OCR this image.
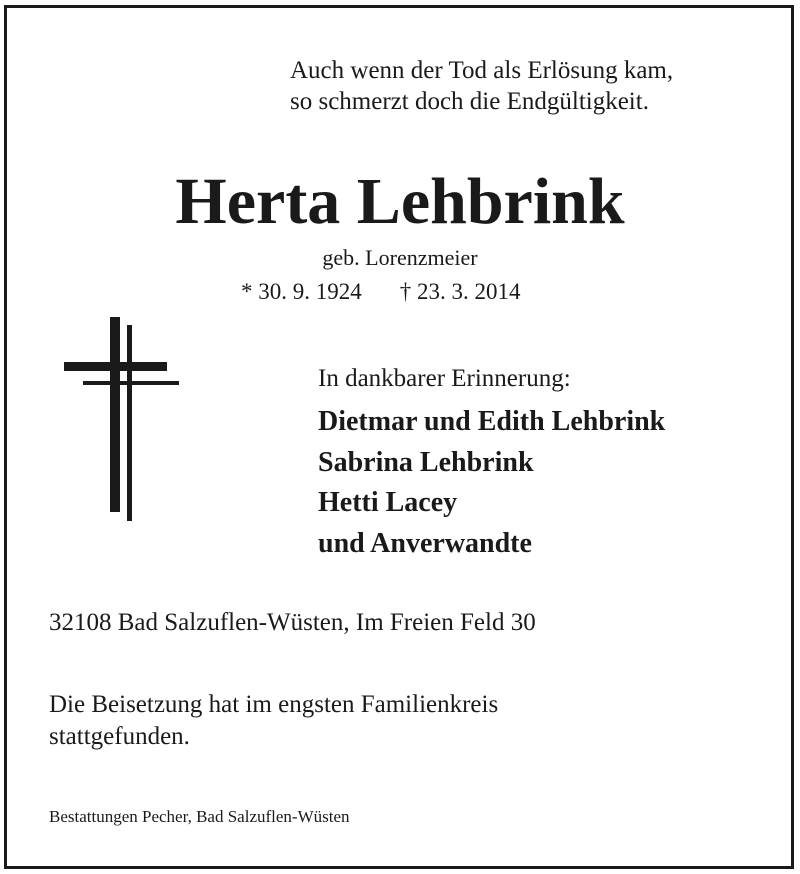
Auch wenn der Tod als Erlösung kam,
so schmerzt doch die Endgültigkeit.
Herta Lehbrink
geb. Lorenzmeier
* 30. 9. 1924 † 23. 3. 2014
In dankbarer Erinnerung:
Dietmar und Edith Lehbrink
Sabrina Lehbrink
Hetti Lacey
und Anverwandte
32108 Bad Salzuflen-Wüsten, Im Freien Feld 30
Die Beisetzung hat im engsten Familienkreis
stattgefunden.
Bestattungen Pecher, Bad Salzuflen-Wüsten
